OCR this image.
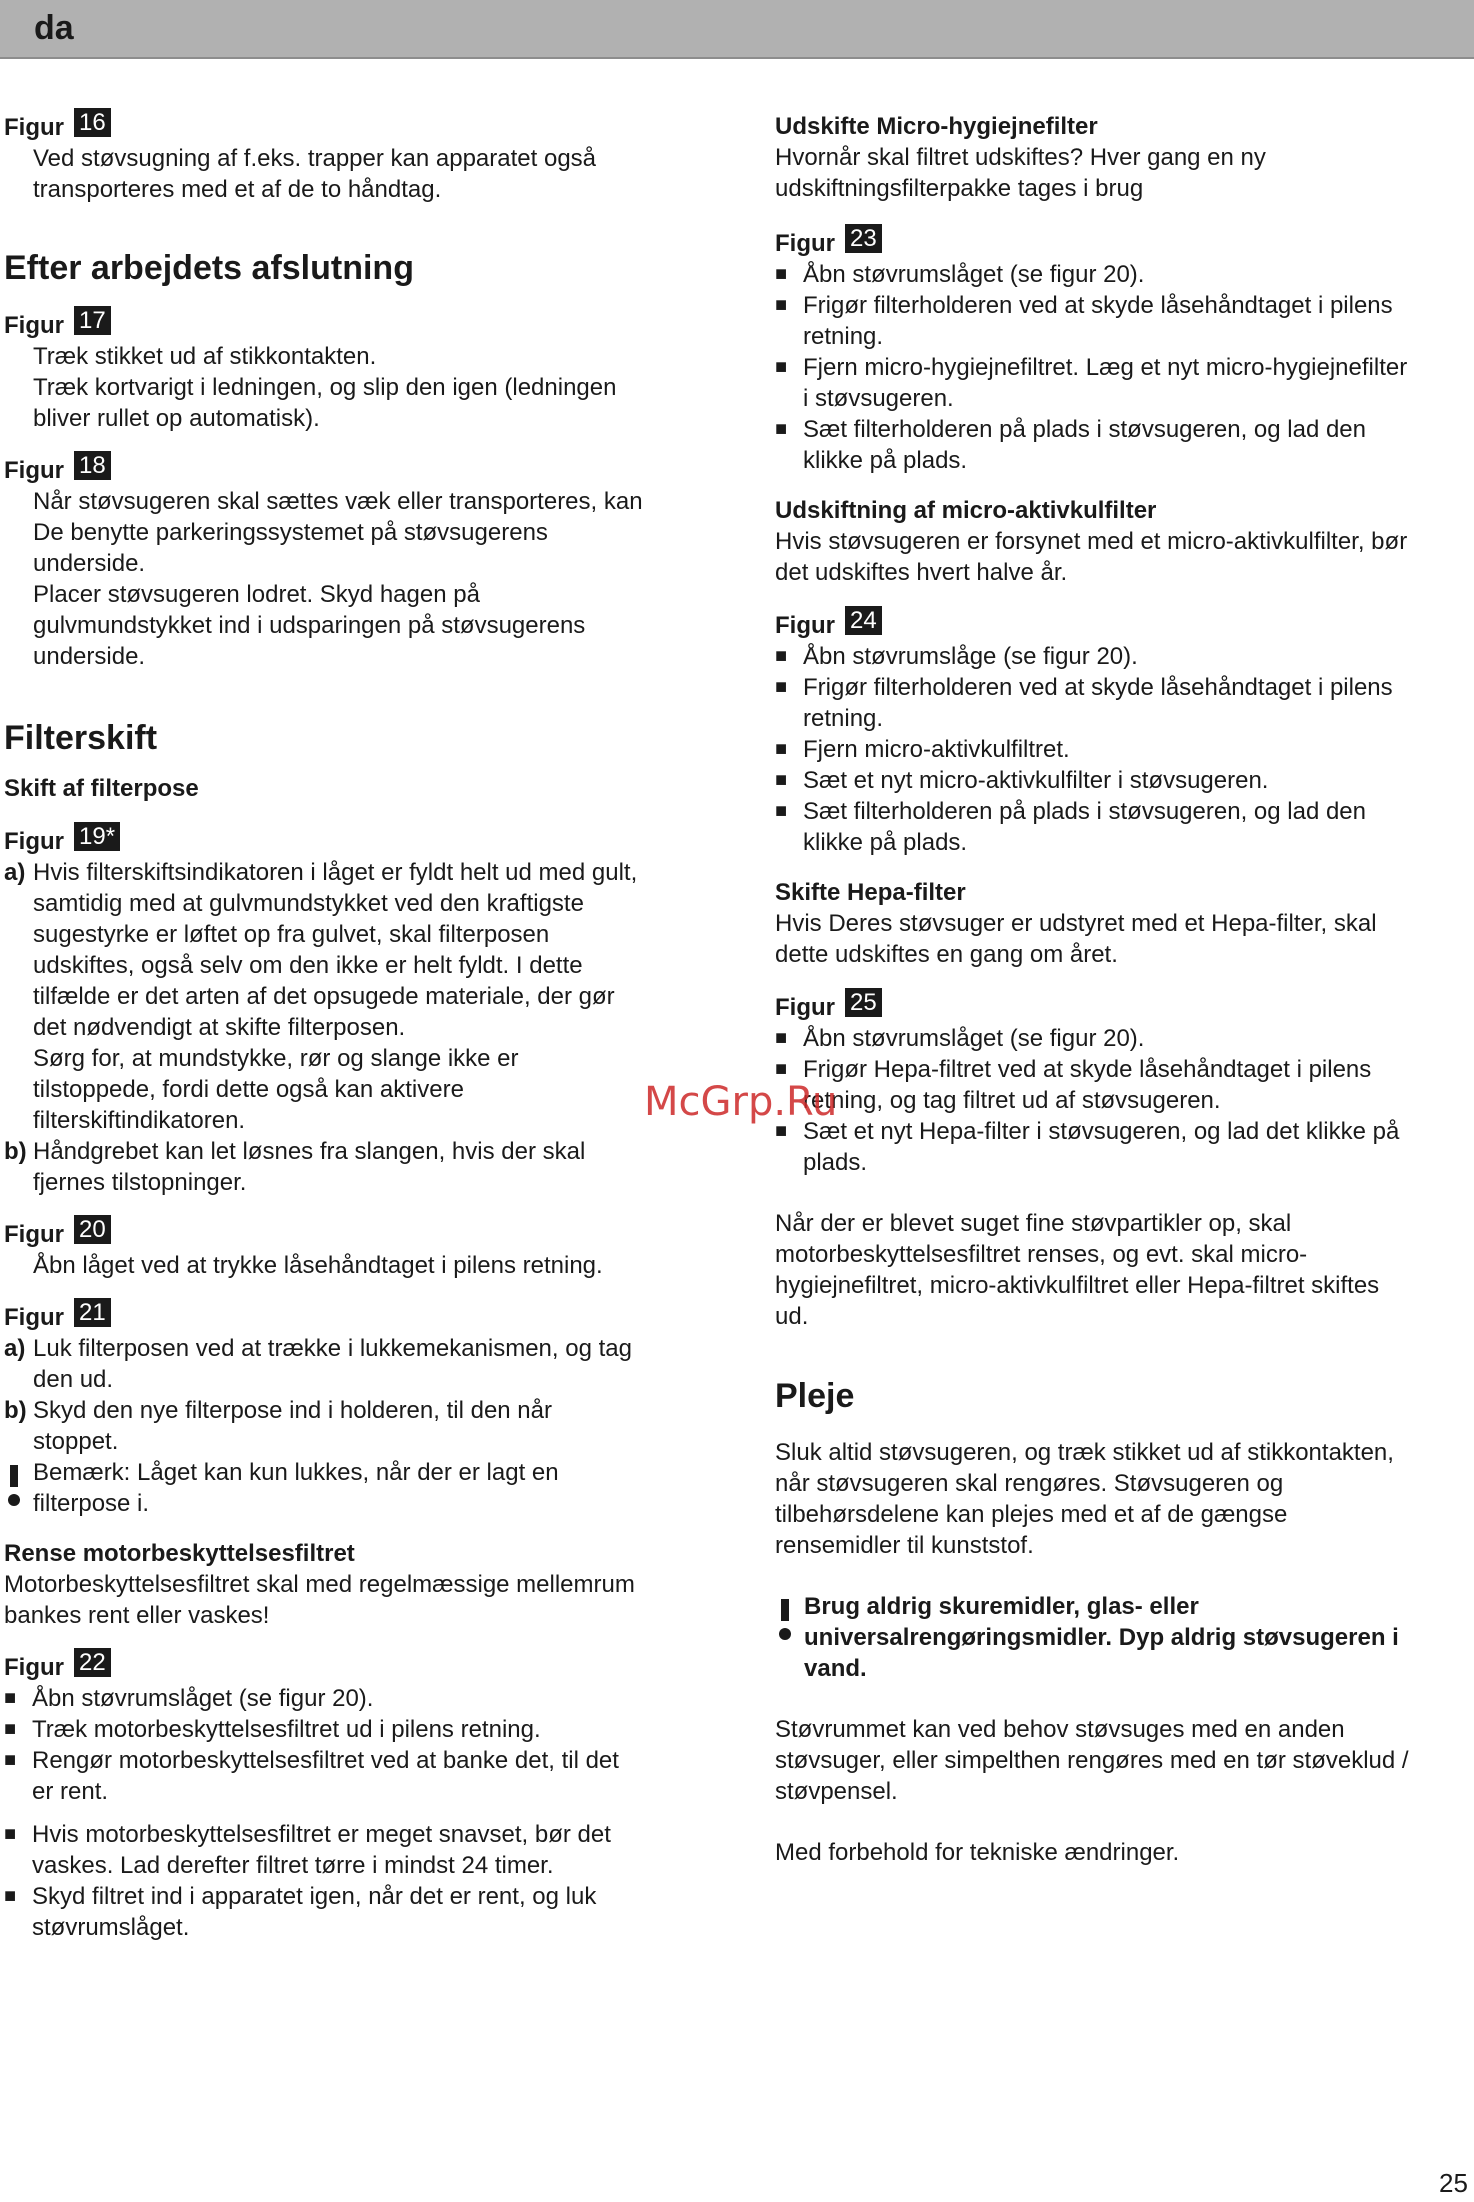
da
Figur 16
Ved støvsugning af f.eks. trapper kan apparatet også
transporteres med et af de to håndtag.
Efter arbejdets afslutning
Figur 17
Træk stikket ud af stikkontakten.
Træk kortvarigt i ledningen, og slip den igen (ledningen
bliver rullet op automatisk).
Figur 18
Når støvsugeren skal sættes væk eller transporteres, kan
De benytte parkeringssystemet på støvsugerens
underside.
Placer støvsugeren lodret. Skyd hagen på
gulvmundstykket ind i udsparingen på støvsugerens
underside.
Filterskift
Skift af filterpose
Figur 19*
a) Hvis filterskiftsindikatoren i låget er fyldt helt ud med gult,
samtidig med at gulvmundstykket ved den kraftigste
sugestyrke er løftet op fra gulvet, skal filterposen
udskiftes, også selv om den ikke er helt fyldt. I dette
tilfælde er det arten af det opsugede materiale, der gør
det nødvendigt at skifte filterposen.
Sørg for, at mundstykke, rør og slange ikke er
tilstoppede, fordi dette også kan aktivere
filterskiftindikatoren.
b) Håndgrebet kan let løsnes fra slangen, hvis der skal
fjernes tilstopninger.
Figur 20
Åbn låget ved at trykke låsehåndtaget i pilens retning.
Figur 21
a) Luk filterposen ved at trække i lukkemekanismen, og tag
den ud.
b) Skyd den nye filterpose ind i holderen, til den når
stoppet.
Bemærk: Låget kan kun lukkes, når der er lagt en
filterpose i.
Rense motorbeskyttelsesfiltret
Motorbeskyttelsesfiltret skal med regelmæssige mellemrum
bankes rent eller vaskes!
Figur 22
■ Åbn støvrumslåget (se figur 20).
■ Træk motorbeskyttelsesfiltret ud i pilens retning.
■ Rengør motorbeskyttelsesfiltret ved at banke det, til det
er rent.
■ Hvis motorbeskyttelsesfiltret er meget snavset, bør det
vaskes. Lad derefter filtret tørre i mindst 24 timer.
■ Skyd filtret ind i apparatet igen, når det er rent, og luk
støvrumslåget.
Udskifte Micro-hygiejnefilter
Hvornår skal filtret udskiftes? Hver gang en ny
udskiftningsfilterpakke tages i brug
Figur 23
■ Åbn støvrumslåget (se figur 20).
■ Frigør filterholderen ved at skyde låsehåndtaget i pilens
retning.
■ Fjern micro-hygiejnefiltret. Læg et nyt micro-hygiejnefilter
i støvsugeren.
■ Sæt filterholderen på plads i støvsugeren, og lad den
klikke på plads.
Udskiftning af micro-aktivkulfilter
Hvis støvsugeren er forsynet med et micro-aktivkulfilter, bør
det udskiftes hvert halve år.
Figur 24
■ Åbn støvrumslåge (se figur 20).
■ Frigør filterholderen ved at skyde låsehåndtaget i pilens
retning.
■ Fjern micro-aktivkulfiltret.
■ Sæt et nyt micro-aktivkulfilter i støvsugeren.
■ Sæt filterholderen på plads i støvsugeren, og lad den
klikke på plads.
Skifte Hepa-filter
Hvis Deres støvsuger er udstyret med et Hepa-filter, skal
dette udskiftes en gang om året.
Figur 25
■ Åbn støvrumslåget (se figur 20).
■ Frigør Hepa-filtret ved at skyde låsehåndtaget i pilens
retning, og tag filtret ud af støvsugeren.
■ Sæt et nyt Hepa-filter i støvsugeren, og lad det klikke på
plads.
Når der er blevet suget fine støvpartikler op, skal
motorbeskyttelsesfiltret renses, og evt. skal micro-
hygiejnefiltret, micro-aktivkulfiltret eller Hepa-filtret skiftes
ud.
Pleje
Sluk altid støvsugeren, og træk stikket ud af stikkontakten,
når støvsugeren skal rengøres. Støvsugeren og
tilbehørsdelene kan plejes med et af de gængse
rensemidler til kunststof.
Brug aldrig skuremidler, glas- eller
universalrengøringsmidler. Dyp aldrig støvsugeren i
vand.
Støvrummet kan ved behov støvsuges med en anden
støvsuger, eller simpelthen rengøres med en tør støveklud /
støvpensel.
Med forbehold for tekniske ændringer.
McGrp.Ru
25
